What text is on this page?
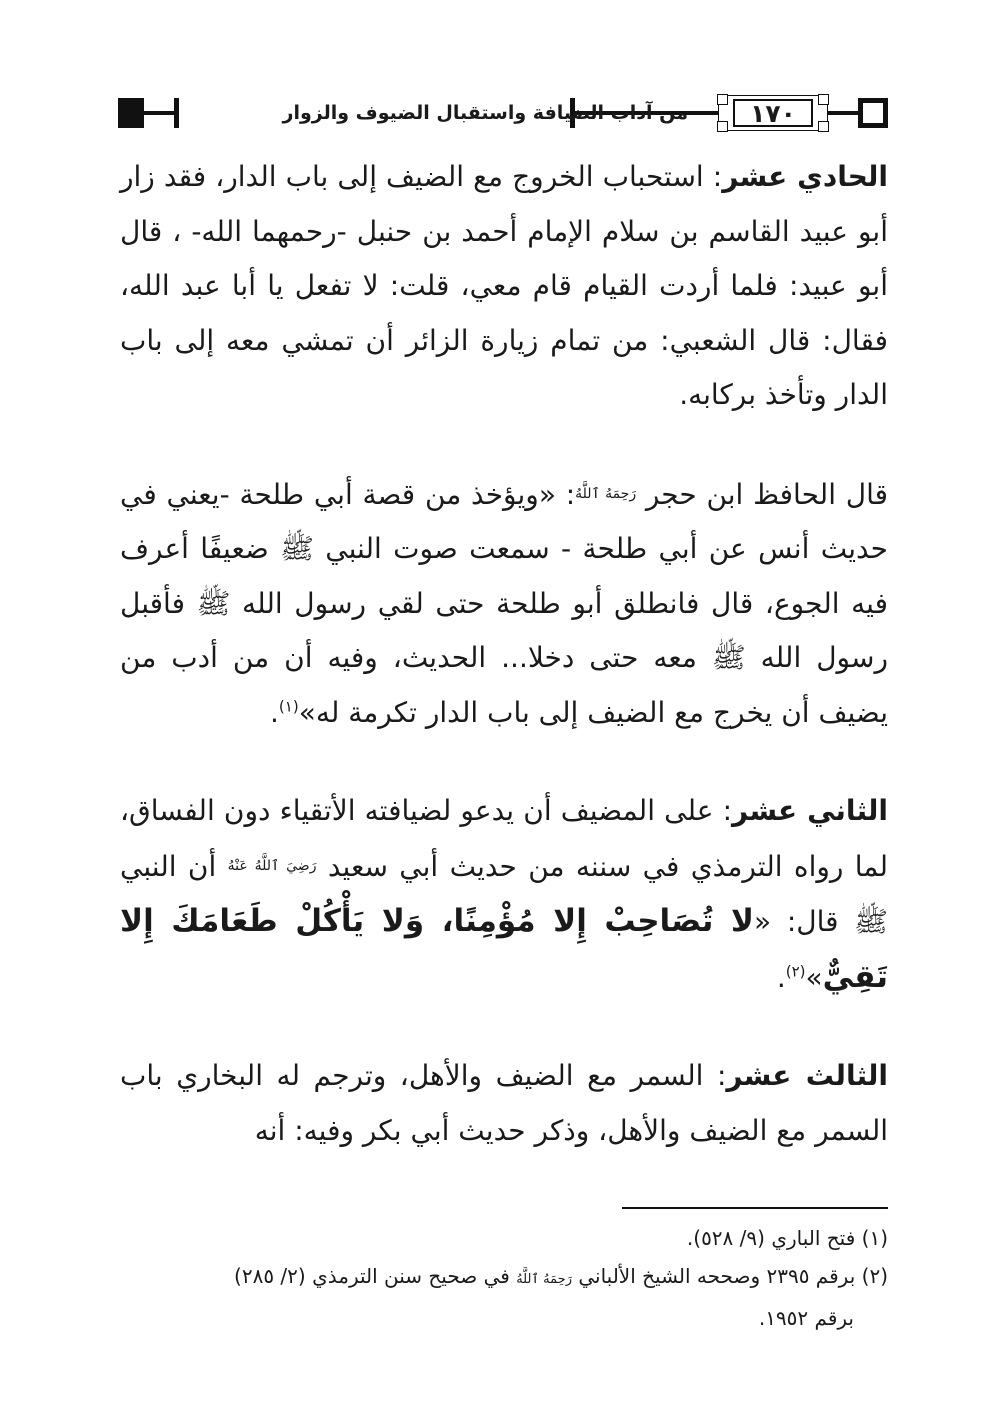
١٧٠
من آداب الضيافة واستقبال الضيوف والزوار

الحادي عشر: استحباب الخروج مع الضيف إلى باب الدار، فقد زار أبو عبيد القاسم بن سلام الإمام أحمد بن حنبل -رحمهما الله- ، قال أبو عبيد: فلما أردت القيام قام معي، قلت: لا تفعل يا أبا عبد الله، فقال: قال الشعبي: من تمام زيارة الزائر أن تمشي معه إلى باب الدار وتأخذ بركابه.

قال الحافظ ابن حجر $^{رَحِمَهُ ٱللَّهُ}$: «ويؤخذ من قصة أبي طلحة -يعني في حديث أنس عن أبي طلحة - سمعت صوت النبي ﷺ ضعيفًا أعرف فيه الجوع، قال فانطلق أبو طلحة حتى لقي رسول الله ﷺ فأقبل رسول الله ﷺ معه حتى دخلا... الحديث، وفيه أن من أدب من يضيف أن يخرج مع الضيف إلى باب الدار تكرمة له»$^{(١)}$.

الثاني عشر: على المضيف أن يدعو لضيافته الأتقياء دون الفساق، لما رواه الترمذي في سننه من حديث أبي سعيد $^{رَضِيَ ٱللَّهُ عَنْهُ}$ أن النبي ﷺ قال: «لا تُصَاحِبْ إِلا مُؤْمِنًا، وَلا يَأْكُلْ طَعَامَكَ إِلا تَقِيٌّ»$^{(٢)}$.

الثالث عشر: السمر مع الضيف والأهل، وترجم له البخاري باب السمر مع الضيف والأهل، وذكر حديث أبي بكر وفيه: أنه

(١) فتح الباري (٩/ ٥٢٨).

(٢) برقم ٢٣٩٥ وصححه الشيخ الألباني رَحِمَهُ ٱللَّهُ في صحيح سنن الترمذي (٢/ ٢٨٥)

برقم ١٩٥٢.
